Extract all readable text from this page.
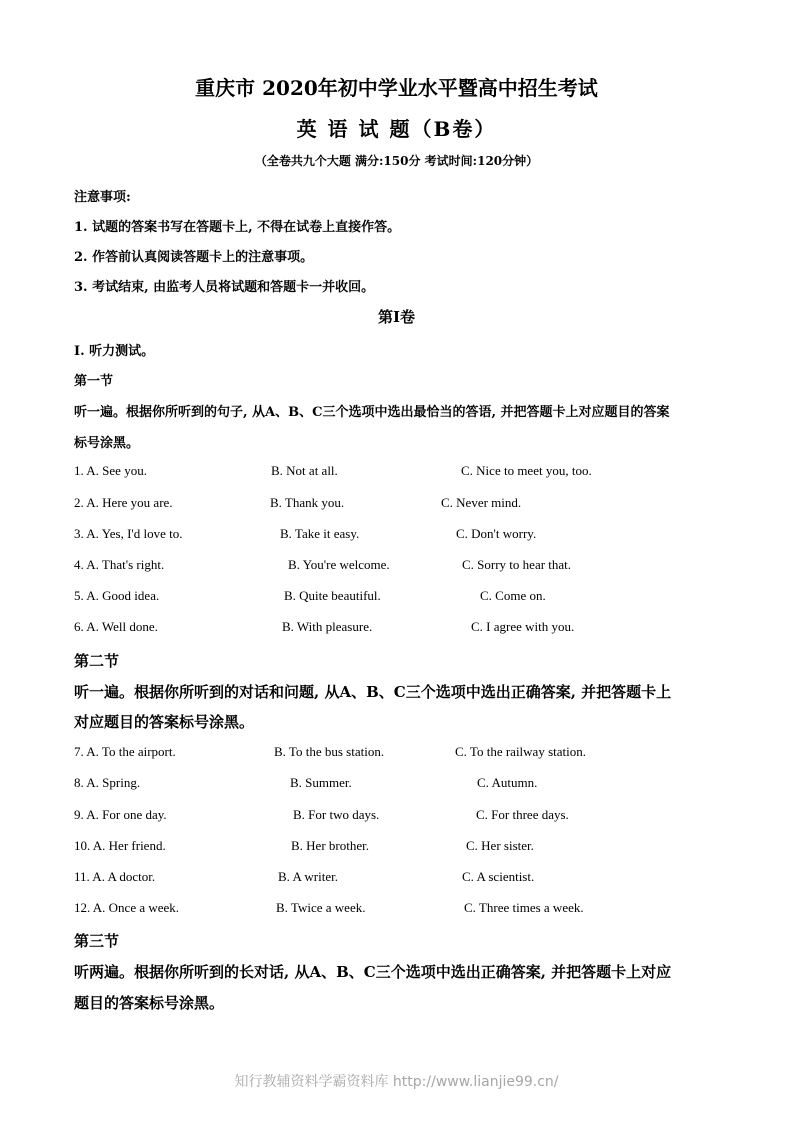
重庆市 2020年初中学业水平暨高中招生考试
英 语 试 题（B卷）
（全卷共九个大题 满分:150分 考试时间:120分钟）
注意事项:
1. 试题的答案书写在答题卡上, 不得在试卷上直接作答。
2. 作答前认真阅读答题卡上的注意事项。
3. 考试结束, 由监考人员将试题和答题卡一并收回。
第Ⅰ卷
I. 听力测试。
第一节
听一遍。根据你所听到的句子, 从A、B、C三个选项中选出最恰当的答语, 并把答题卡上对应题目的答案
标号涂黑。
1. A. See you.	B. Not at all.	C. Nice to meet you, too.
2. A. Here you are.	B. Thank you.	C. Never mind.
3. A. Yes, I'd love to.	B. Take it easy.	C. Don't worry.
4. A. That's right.	B. You're welcome.	C. Sorry to hear that.
5. A. Good idea.	B. Quite beautiful.	C. Come on.
6. A. Well done.	B. With pleasure.	C. I agree with you.
第二节
听一遍。根据你所听到的对话和问题, 从A、B、C三个选项中选出正确答案, 并把答题卡上
对应题目的答案标号涂黑。
7. A. To the airport.	B. To the bus station.	C. To the railway station.
8. A. Spring.	B. Summer.	C. Autumn.
9. A. For one day.	B. For two days.	C. For three days.
10. A. Her friend.	B. Her brother.	C. Her sister.
11. A. A doctor.	B. A writer.	C. A scientist.
12. A. Once a week.	B. Twice a week.	C. Three times a week.
第三节
听两遍。根据你所听到的长对话, 从A、B、C三个选项中选出正确答案, 并把答题卡上对应
题目的答案标号涂黑。
知行教辅资料学霸资料库 http://www.lianjie99.cn/
